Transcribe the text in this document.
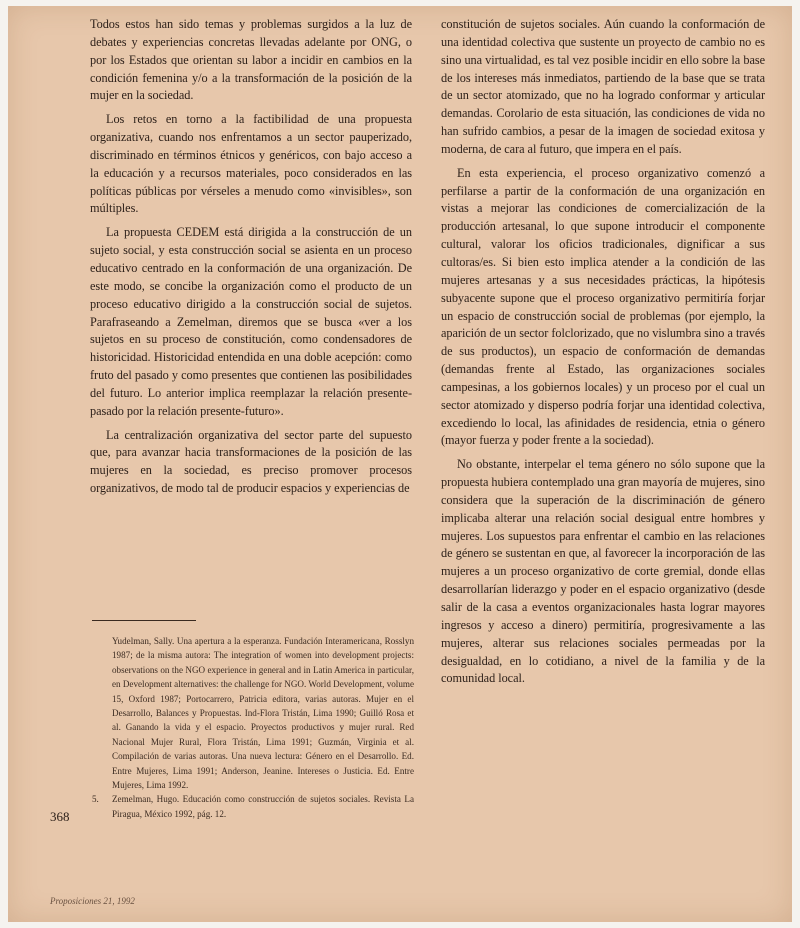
Todos estos han sido temas y problemas surgidos a la luz de debates y experiencias concretas llevadas adelante por ONG, o por los Estados que orientan su labor a incidir en cambios en la condición femenina y/o a la transformación de la posición de la mujer en la sociedad.

Los retos en torno a la factibilidad de una propuesta organizativa, cuando nos enfrentamos a un sector pauperizado, discriminado en términos étnicos y genéricos, con bajo acceso a la educación y a recursos materiales, poco considerados en las políticas públicas por vérseles a menudo como «invisibles», son múltiples.

La propuesta CEDEM está dirigida a la construcción de un sujeto social, y esta construcción social se asienta en un proceso educativo centrado en la conformación de una organización. De este modo, se concibe la organización como el producto de un proceso educativo dirigido a la construcción social de sujetos. Parafraseando a Zemelman, diremos que se busca «ver a los sujetos en su proceso de constitución, como condensadores de historicidad. Historicidad entendida en una doble acepción: como fruto del pasado y como presentes que contienen las posibilidades del futuro. Lo anterior implica reemplazar la relación presente-pasado por la relación presente-futuro».

La centralización organizativa del sector parte del supuesto que, para avanzar hacia transformaciones de la posición de las mujeres en la sociedad, es preciso promover procesos organizativos, de modo tal de producir espacios y experiencias de

constitución de sujetos sociales. Aún cuando la conformación de una identidad colectiva que sustente un proyecto de cambio no es sino una virtualidad, es tal vez posible incidir en ello sobre la base de los intereses más inmediatos, partiendo de la base que se trata de un sector atomizado, que no ha logrado conformar y articular demandas. Corolario de esta situación, las condiciones de vida no han sufrido cambios, a pesar de la imagen de sociedad exitosa y moderna, de cara al futuro, que impera en el país.

En esta experiencia, el proceso organizativo comenzó a perfilarse a partir de la conformación de una organización en vistas a mejorar las condiciones de comercialización de la producción artesanal, lo que supone introducir el componente cultural, valorar los oficios tradicionales, dignificar a sus cultoras/es. Si bien esto implica atender a la condición de las mujeres artesanas y a sus necesidades prácticas, la hipótesis subyacente supone que el proceso organizativo permitiría forjar un espacio de construcción social de problemas (por ejemplo, la aparición de un sector folclorizado, que no vislumbra sino a través de sus productos), un espacio de conformación de demandas (demandas frente al Estado, las organizaciones sociales campesinas, a los gobiernos locales) y un proceso por el cual un sector atomizado y disperso podría forjar una identidad colectiva, excediendo lo local, las afinidades de residencia, etnia o género (mayor fuerza y poder frente a la sociedad).

No obstante, interpelar el tema género no sólo supone que la propuesta hubiera contemplado una gran mayoría de mujeres, sino considera que la superación de la discriminación de género implicaba alterar una relación social desigual entre hombres y mujeres. Los supuestos para enfrentar el cambio en las relaciones de género se sustentan en que, al favorecer la incorporación de las mujeres a un proceso organizativo de corte gremial, donde ellas desarrollarían liderazgo y poder en el espacio organizativo (desde salir de la casa a eventos organizacionales hasta lograr mayores ingresos y acceso a dinero) permitiría, progresivamente a las mujeres, alterar sus relaciones sociales permeadas por la desigualdad, en lo cotidiano, a nivel de la familia y de la comunidad local.

Yudelman, Sally. Una apertura a la esperanza. Fundación Interamericana, Rosslyn 1987; de la misma autora: The integration of women into development projects: observations on the NGO experience in general and in Latin America in particular, en Development alternatives: the challenge for NGO. World Development, volume 15, Oxford 1987; Portocarrero, Patricia editora, varias autoras. Mujer en el Desarrollo, Balances y Propuestas. Ind-Flora Tristán, Lima 1990; Guilló Rosa et al. Ganando la vida y el espacio. Proyectos productivos y mujer rural. Red Nacional Mujer Rural, Flora Tristán, Lima 1991; Guzmán, Virginia et al. Compilación de varias autoras. Una nueva lectura: Género en el Desarrollo. Ed. Entre Mujeres, Lima 1991; Anderson, Jeanine. Intereses o Justicia. Ed. Entre Mujeres, Lima 1992.
5.	Zemelman, Hugo. Educación como construcción de sujetos sociales. Revista La Piragua, México 1992, pág. 12.
368
Proposiciones 21, 1992
